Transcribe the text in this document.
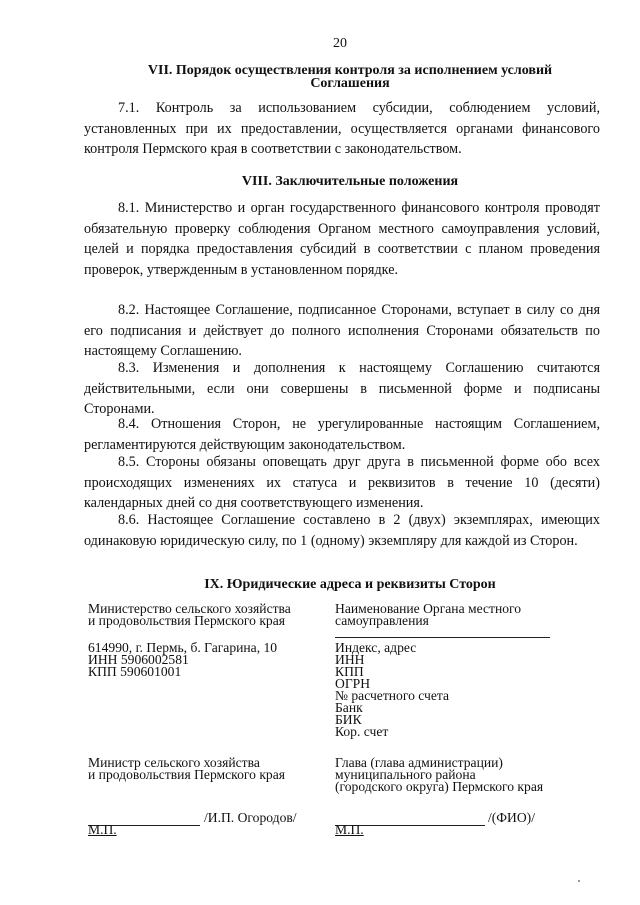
20
VII. Порядок осуществления контроля за исполнением условий
Соглашения
7.1. Контроль за использованием субсидии, соблюдением условий, установленных при их предоставлении, осуществляется органами финансового контроля Пермского края в соответствии с законодательством.
VIII. Заключительные положения
8.1. Министерство и орган государственного финансового контроля проводят обязательную проверку соблюдения Органом местного самоуправления условий, целей и порядка предоставления субсидий в соответствии с планом проведения проверок, утвержденным в установленном порядке.
8.2. Настоящее Соглашение, подписанное Сторонами, вступает в силу со дня его подписания и действует до полного исполнения Сторонами обязательств по настоящему Соглашению.
8.3. Изменения и дополнения к настоящему Соглашению считаются действительными, если они совершены в письменной форме и подписаны Сторонами.
8.4. Отношения Сторон, не урегулированные настоящим Соглашением, регламентируются действующим законодательством.
8.5. Стороны обязаны оповещать друг друга в письменной форме обо всех происходящих изменениях их статуса и реквизитов в течение 10 (десяти) календарных дней со дня соответствующего изменения.
8.6. Настоящее Соглашение составлено в 2 (двух) экземплярах, имеющих одинаковую юридическую силу, по 1 (одному) экземпляру для каждой из Сторон.
IX. Юридические адреса и реквизиты Сторон
Министерство сельского хозяйства
и продовольствия Пермского края
614990, г. Пермь, б. Гагарина, 10
ИНН 5906002581
КПП 590601001
Министр сельского хозяйства
и продовольствия Пермского края
/И.П. Огородов/
М.П.
Наименование Органа местного
самоуправления
Индекс, адрес
ИНН
КПП
ОГРН
№ расчетного счета
Банк
БИК
Кор. счет
Глава (глава администрации)
муниципального района
(городского округа) Пермского края
/(ФИО)/
М.П.
